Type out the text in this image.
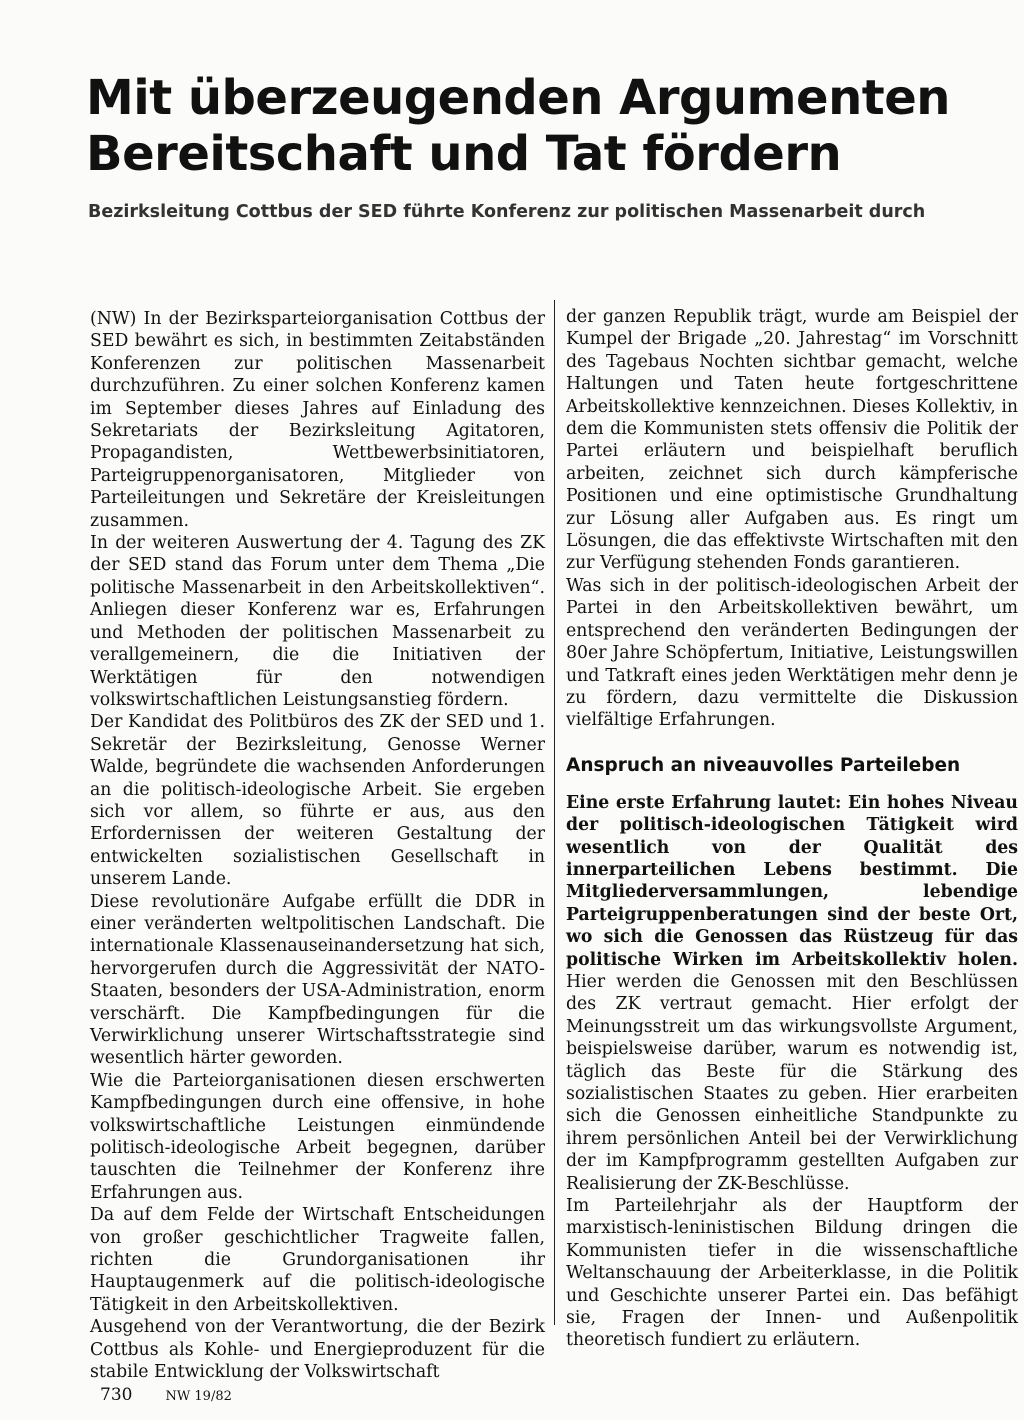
Mit überzeugenden Argumenten
Bereitschaft und Tat fördern

Bezirksleitung Cottbus der SED führte Konferenz zur politischen Massenarbeit durch

(NW) In der Bezirksparteiorganisation Cottbus der SED bewährt es sich, in bestimmten Zeitabständen Konferenzen zur politischen Massenarbeit durchzuführen. Zu einer solchen Konferenz kamen im September dieses Jahres auf Einladung des Sekretariats der Bezirksleitung Agitatoren, Propagandisten, Wettbewerbsinitiatoren, Parteigruppenorganisatoren, Mitglieder von Parteileitungen und Sekretäre der Kreisleitungen zusammen.

In der weiteren Auswertung der 4. Tagung des ZK der SED stand das Forum unter dem Thema „Die politische Massenarbeit in den Arbeitskollektiven“. Anliegen dieser Konferenz war es, Erfahrungen und Methoden der politischen Massenarbeit zu verallgemeinern, die die Initiativen der Werktätigen für den notwendigen volkswirtschaftlichen Leistungsanstieg fördern.

Der Kandidat des Politbüros des ZK der SED und 1. Sekretär der Bezirksleitung, Genosse Werner Walde, begründete die wachsenden Anforderungen an die politisch-ideologische Arbeit. Sie ergeben sich vor allem, so führte er aus, aus den Erfordernissen der weiteren Gestaltung der entwickelten sozialistischen Gesellschaft in unserem Lande.

Diese revolutionäre Aufgabe erfüllt die DDR in einer veränderten weltpolitischen Landschaft. Die internationale Klassenauseinandersetzung hat sich, hervorgerufen durch die Aggressivität der NATO-Staaten, besonders der USA-Administration, enorm verschärft. Die Kampfbedingungen für die Verwirklichung unserer Wirtschaftsstrategie sind wesentlich härter geworden.

Wie die Parteiorganisationen diesen erschwerten Kampfbedingungen durch eine offensive, in hohe volkswirtschaftliche Leistungen einmündende politisch-ideologische Arbeit begegnen, darüber tauschten die Teilnehmer der Konferenz ihre Erfahrungen aus.

Da auf dem Felde der Wirtschaft Entscheidungen von großer geschichtlicher Tragweite fallen, richten die Grundorganisationen ihr Hauptaugenmerk auf die politisch-ideologische Tätigkeit in den Arbeitskollektiven.

Ausgehend von der Verantwortung, die der Bezirk Cottbus als Kohle- und Energieproduzent für die stabile Entwicklung der Volkswirtschaft

der ganzen Republik trägt, wurde am Beispiel der Kumpel der Brigade „20. Jahrestag“ im Vorschnitt des Tagebaus Nochten sichtbar gemacht, welche Haltungen und Taten heute fortgeschrittene Arbeitskollektive kennzeichnen. Dieses Kollektiv, in dem die Kommunisten stets offensiv die Politik der Partei erläutern und beispielhaft beruflich arbeiten, zeichnet sich durch kämpferische Positionen und eine optimistische Grundhaltung zur Lösung aller Aufgaben aus. Es ringt um Lösungen, die das effektivste Wirtschaften mit den zur Verfügung stehenden Fonds garantieren.

Was sich in der politisch-ideologischen Arbeit der Partei in den Arbeitskollektiven bewährt, um entsprechend den veränderten Bedingungen der 80er Jahre Schöpfertum, Initiative, Leistungswillen und Tatkraft eines jeden Werktätigen mehr denn je zu fördern, dazu vermittelte die Diskussion vielfältige Erfahrungen.

Anspruch an niveauvolles Parteileben

Eine erste Erfahrung lautet: Ein hohes Niveau der politisch-ideologischen Tätigkeit wird wesentlich von der Qualität des innerparteilichen Lebens bestimmt. Die Mitgliederversammlungen, lebendige Parteigruppenberatungen sind der beste Ort, wo sich die Genossen das Rüstzeug für das politische Wirken im Arbeitskollektiv holen. Hier werden die Genossen mit den Beschlüssen des ZK vertraut gemacht. Hier erfolgt der Meinungsstreit um das wirkungsvollste Argument, beispielsweise darüber, warum es notwendig ist, täglich das Beste für die Stärkung des sozialistischen Staates zu geben. Hier erarbeiten sich die Genossen einheitliche Standpunkte zu ihrem persönlichen Anteil bei der Verwirklichung der im Kampfprogramm gestellten Aufgaben zur Realisierung der ZK-Beschlüsse.

Im Parteilehrjahr als der Hauptform der marxistisch-leninistischen Bildung dringen die Kommunisten tiefer in die wissenschaftliche Weltanschauung der Arbeiterklasse, in die Politik und Geschichte unserer Partei ein. Das befähigt sie, Fragen der Innen- und Außenpolitik theoretisch fundiert zu erläutern.

730	NW 19/82
